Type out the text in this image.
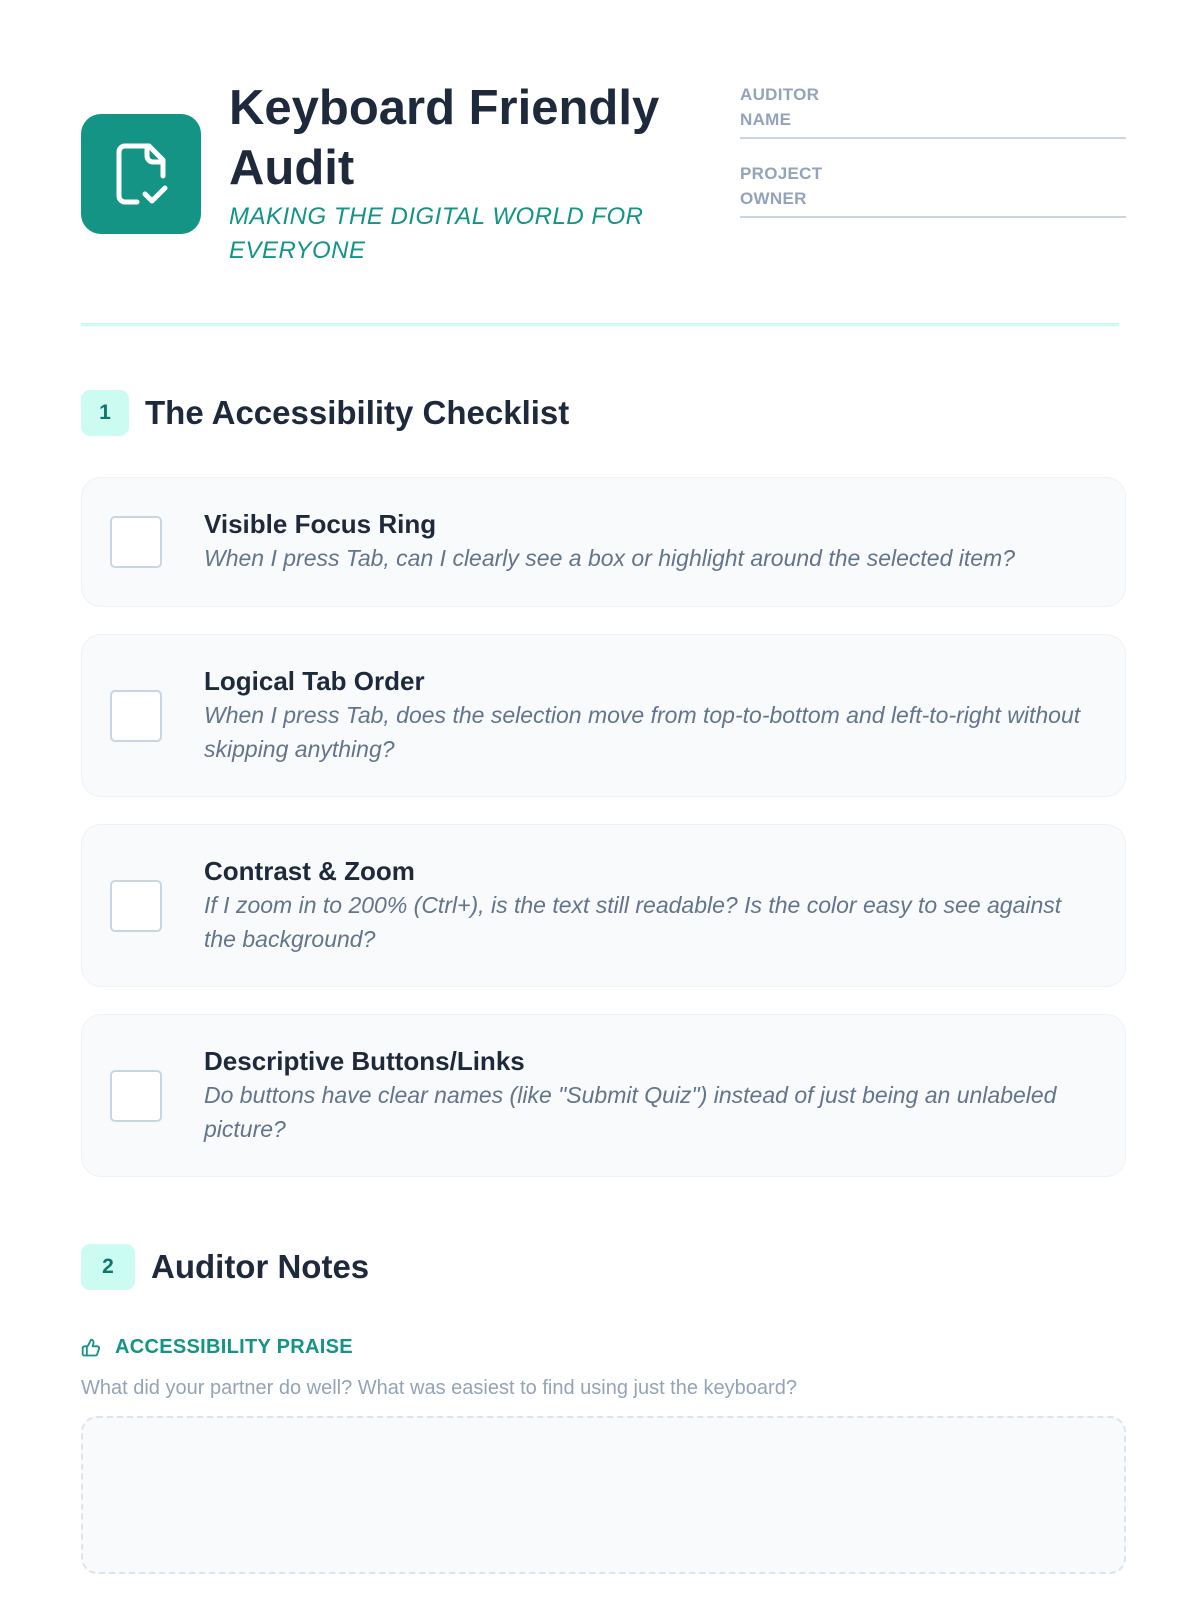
Keyboard Friendly Audit
MAKING THE DIGITAL WORLD FOR EVERYONE
AUDITOR NAME
PROJECT OWNER
1	The Accessibility Checklist
Visible Focus Ring
When I press Tab, can I clearly see a box or highlight around the selected item?
Logical Tab Order
When I press Tab, does the selection move from top-to-bottom and left-to-right without skipping anything?
Contrast & Zoom
If I zoom in to 200% (Ctrl+), is the text still readable? Is the color easy to see against the background?
Descriptive Buttons/Links
Do buttons have clear names (like "Submit Quiz") instead of just being an unlabeled picture?
2	Auditor Notes
ACCESSIBILITY PRAISE
What did your partner do well? What was easiest to find using just the keyboard?
